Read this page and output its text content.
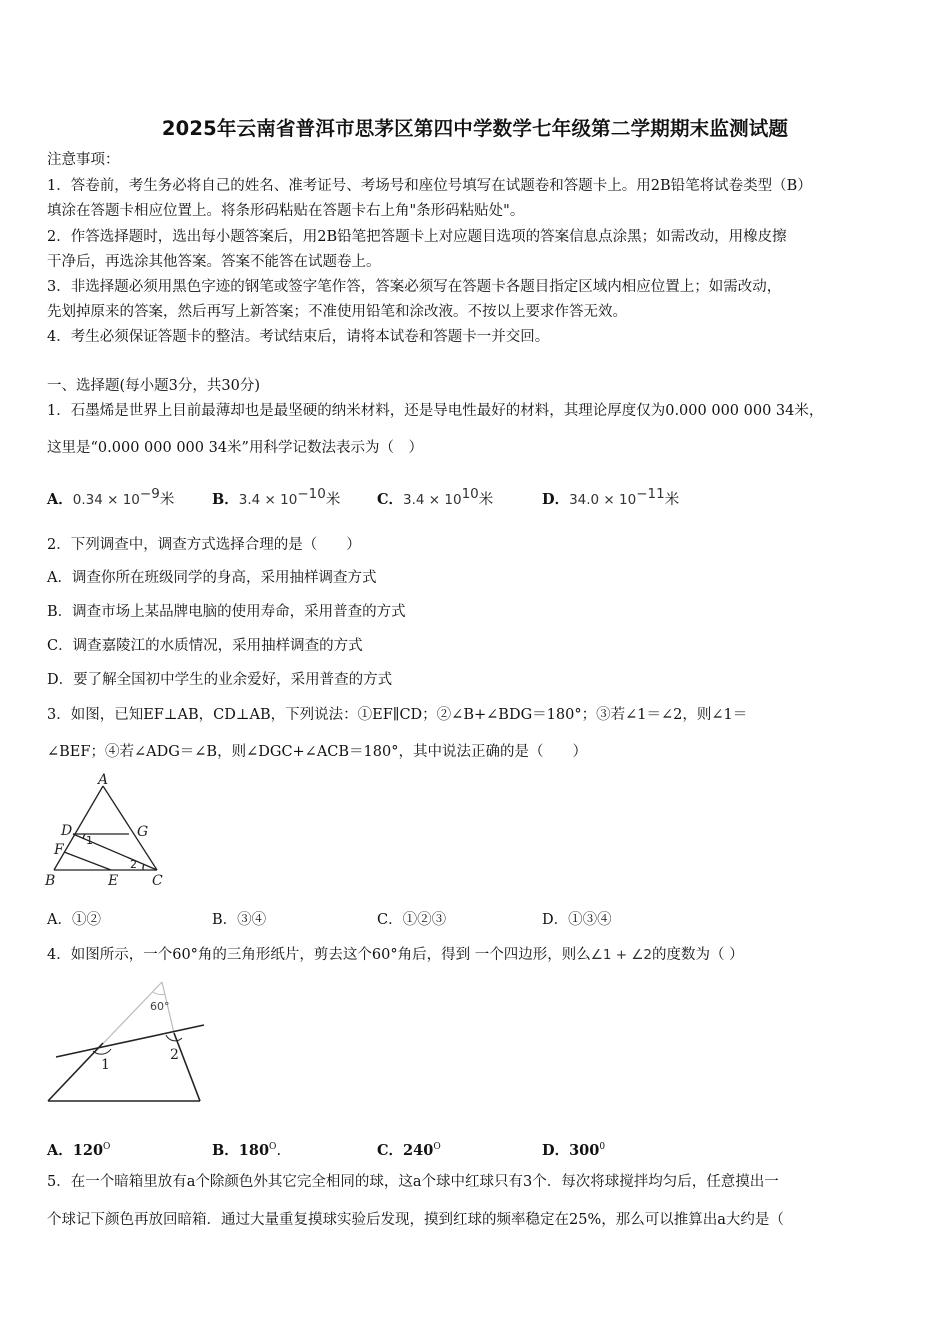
2025年云南省普洱市思茅区第四中学数学七年级第二学期期末监测试题
注意事项：
1．答卷前，考生务必将自己的姓名、准考证号、考场号和座位号填写在试题卷和答题卡上。用2B铅笔将试卷类型（B）
填涂在答题卡相应位置上。将条形码粘贴在答题卡右上角"条形码粘贴处"。
2．作答选择题时，选出每小题答案后，用2B铅笔把答题卡上对应题目选项的答案信息点涂黑；如需改动，用橡皮擦
干净后，再选涂其他答案。答案不能答在试题卷上。
3．非选择题必须用黑色字迹的钢笔或签字笔作答，答案必须写在答题卡各题目指定区域内相应位置上；如需改动，
先划掉原来的答案，然后再写上新答案；不准使用铅笔和涂改液。不按以上要求作答无效。
4．考生必须保证答题卡的整洁。考试结束后，请将本试卷和答题卡一并交回。
一、选择题(每小题3分，共30分)
1．石墨烯是世界上目前最薄却也是最坚硬的纳米材料，还是导电性最好的材料，其理论厚度仅为0.000 000 000 34米，
这里是“0.000 000 000 34米”用科学记数法表示为（　）
A．$0.34 \times 10^{-9}$米	B．$3.4 \times 10^{-10}$米	C．$3.4 \times 10^{10}$米	D．$34.0 \times 10^{-11}$米
2．下列调查中，调查方式选择合理的是（　　）
A．调查你所在班级同学的身高，采用抽样调查方式
B．调查市场上某品牌电脑的使用寿命，采用普查的方式
C．调查嘉陵江的水质情况，采用抽样调查的方式
D．要了解全国初中学生的业余爱好，采用普查的方式
3．如图，已知EF⊥AB，CD⊥AB，下列说法：①EF∥CD；②∠B+∠BDG＝180°；③若∠1＝∠2，则∠1＝
∠BEF；④若∠ADG＝∠B，则∠DGC+∠ACB＝180°，其中说法正确的是（　　）
A
D	G
F
B	E C
1
2
A．①②	B．③④	C．①②③	D．①③④
4．如图所示，一个60°角的三角形纸片，剪去这个60°角后，得到 一个四边形，则么∠1 + ∠2的度数为（ ）
60°
1
2
A．$120^O$	B．$180^O$.	C．$240^O$	D．$300^0$
5．在一个暗箱里放有a个除颜色外其它完全相同的球，这a个球中红球只有3个．每次将球搅拌均匀后，任意摸出一
个球记下颜色再放回暗箱．通过大量重复摸球实验后发现，摸到红球的频率稳定在25%，那么可以推算出a大约是（
